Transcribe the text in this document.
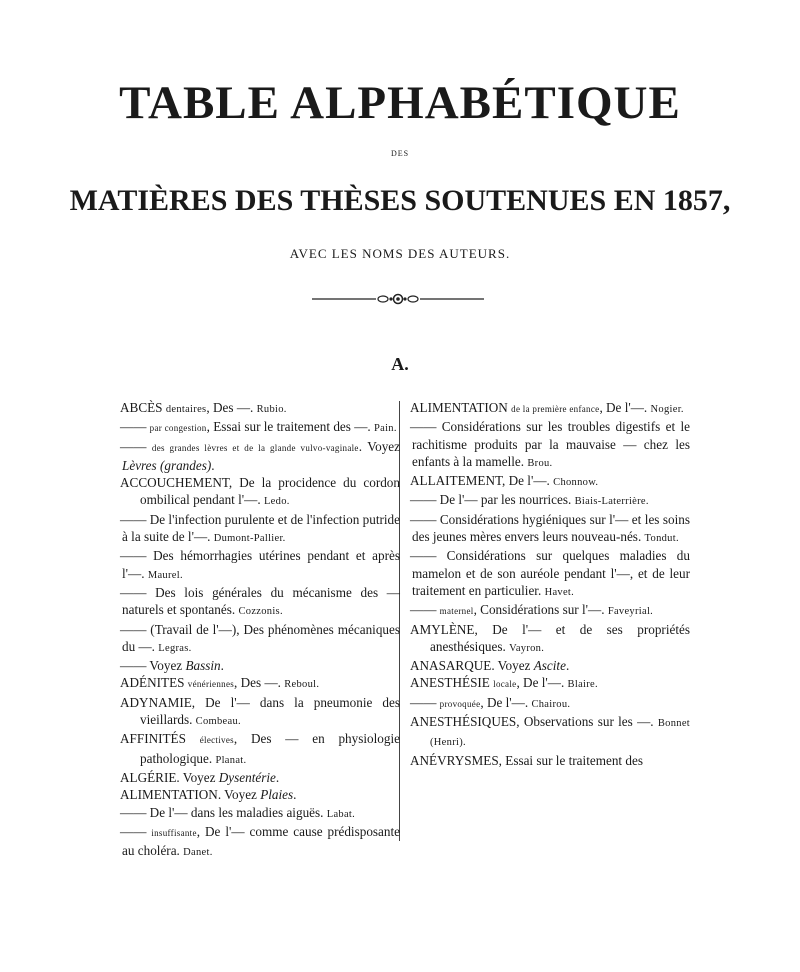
TABLE ALPHABÉTIQUE
DES
MATIÈRES DES THÈSES SOUTENUES EN 1857,
AVEC LES NOMS DES AUTEURS.
A.
ABCÈS dentaires, Des —. Rubio.
—— par congestion, Essai sur le traitement des —. Pain.
—— des grandes lèvres et de la glande vulvo-vaginale. Voyez Lèvres (grandes).
ACCOUCHEMENT, De la procidence du cordon ombilical pendant l'—. Ledo.
—— De l'infection purulente et de l'infection putride à la suite de l'—. Dumont-Pallier.
—— Des hémorrhagies utérines pendant et après l'—. Maurel.
—— Des lois générales du mécanisme des — naturels et spontanés. Cozzonis.
—— (Travail de l'—), Des phénomènes mécaniques du —. Legras.
—— Voyez Bassin.
ADÉNITES vénériennes, Des —. Reboul.
ADYNAMIE, De l'— dans la pneumonie des vieillards. Combeau.
AFFINITÉS électives, Des — en physiologie pathologique. Planat.
ALGÉRIE. Voyez Dysentérie.
ALIMENTATION. Voyez Plaies.
—— De l'— dans les maladies aiguës. Labat.
—— insuffisante, De l'— comme cause prédisposante au choléra. Danet.
ALIMENTATION de la première enfance, De l'—. Nogier.
—— Considérations sur les troubles digestifs et le rachitisme produits par la mauvaise — chez les enfants à la mamelle. Brou.
ALLAITEMENT, De l'—. Chonnow.
—— De l'— par les nourrices. Biais-Laterrière.
—— Considérations hygiéniques sur l'— et les soins des jeunes mères envers leurs nouveau-nés. Tondut.
—— Considérations sur quelques maladies du mamelon et de son auréole pendant l'—, et de leur traitement en particulier. Havet.
—— maternel, Considérations sur l'—. Faveyrial.
AMYLÈNE, De l'— et de ses propriétés anesthésiques. Vayron.
ANASARQUE. Voyez Ascite.
ANESTHÉSIE locale, De l'—. Blaire.
—— provoquée, De l'—. Chairou.
ANESTHÉSIQUES, Observations sur les —. Bonnet (Henri).
ANÉVRYSMES, Essai sur le traitement des
